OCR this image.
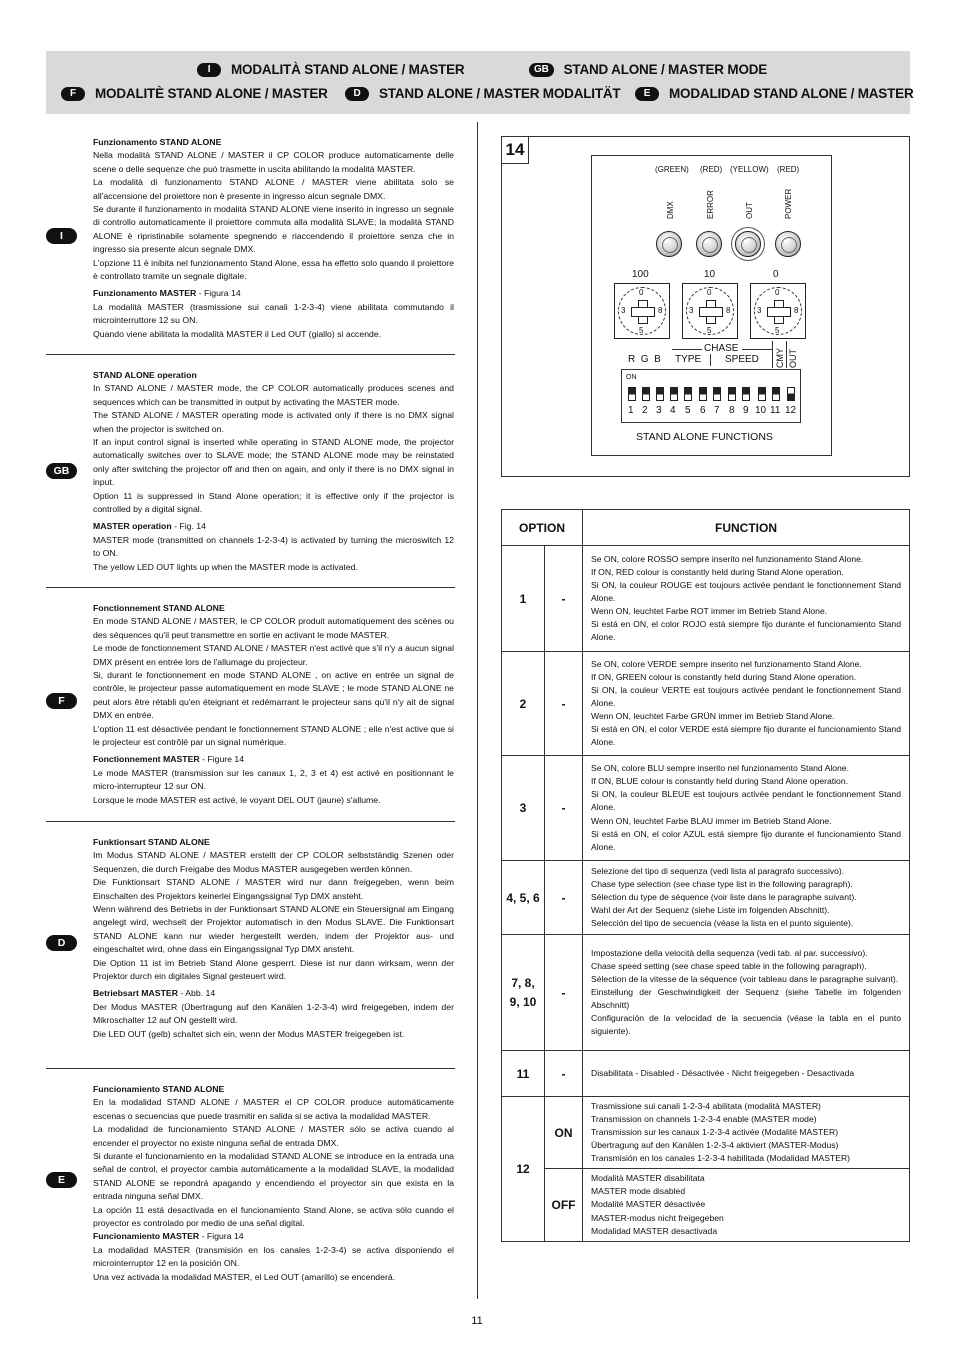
I	MODALITÀ STAND ALONE / MASTER	GB	STAND ALONE / MASTER MODE
F	MODALITÈ STAND ALONE / MASTER	D	STAND ALONE / MASTER MODALITÄT	E	MODALIDAD STAND ALONE / MASTER
I

Funzionamento STAND ALONE

Nella modalità STAND ALONE / MASTER il CP COLOR produce automaticamente delle scene o delle sequenze che può trasmette in uscita abilitando la modalità MASTER.

La modalità di funzionamento STAND ALONE / MASTER viene abilitata solo se all'accensione del proiettore non è presente in ingresso alcun segnale DMX.

Se durante il funzionamento in modalità STAND ALONE viene inserito in ingresso un segnale di controllo automaticamente il proiettore commuta alla modalità SLAVE; la modalità STAND ALONE è ripristinabile solamente spegnendo e riaccendendo il proiettore senza che in ingresso sia presente alcun segnale DMX.

L'opzione 11 è inibita nel funzionamento Stand Alone, essa ha effetto solo quando il proiettore è controllato tramite un segnale digitale.

Funzionamento MASTER - Figura 14

La modalità MASTER (trasmissione sui canali 1-2-3-4) viene abilitata commutando il microinterruttore 12 su ON.

Quando viene abilitata la modalità MASTER il Led OUT (giallo) si accende.

GB

STAND ALONE operation

In STAND ALONE / MASTER mode, the CP COLOR automatically produces scenes and sequences which can be transmitted in output by activating the MASTER mode.

The STAND ALONE / MASTER operating mode is activated only if there is no DMX signal when the projector is switched on.

If an input control signal is inserted while operating in STAND ALONE mode, the projector automatically switches over to SLAVE mode; the STAND ALONE mode may be reinstated only after switching the projector off and then on again, and only if there is no DMX signal in input.

Option 11 is suppressed in Stand Alone operation; it is effective only if the projector is controlled by a digital signal.

MASTER operation - Fig. 14

MASTER mode (transmitted on channels 1-2-3-4) is activated by turning the microswitch 12 to ON.

The yellow LED OUT lights up when the MASTER mode is activated.

F

Fonctionnement STAND ALONE

En mode STAND ALONE / MASTER, le CP COLOR produit automatiquement des scènes ou des séquences qu'il peut transmettre en sortie en activant le mode MASTER.

Le mode de fonctionnement STAND ALONE / MASTER n'est activé que s'il n'y a aucun signal DMX présent en entrée lors de l'allumage du projecteur.

Si, durant le fonctionnement en mode STAND ALONE , on active en entrée un signal de contrôle, le projecteur passe automatiquement en mode SLAVE ; le mode STAND ALONE ne peut alors être rétabli qu'en éteignant et redémarrant le projecteur sans qu'il n'y ait de signal DMX en entrée.

L'option 11 est désactivée pendant le fonctionnement STAND ALONE ; elle n'est active que si le projecteur est contrôlé par un signal numérique.

Fonctionnement MASTER - Figure 14

Le mode MASTER (transmission sur les canaux 1, 2, 3 et 4) est activé en positionnant le micro-interrupteur 12 sur ON.

Lorsque le mode MASTER est activé, le voyant DEL OUT (jaune) s'allume.

D

Funktionsart STAND ALONE

Im Modus STAND ALONE / MASTER erstellt der CP COLOR selbstständig Szenen oder Sequenzen, die durch Freigabe des Modus MASTER ausgegeben werden können.

Die Funktionsart STAND ALONE / MASTER wird nur dann freigegeben, wenn beim Einschalten des Projektors keinerlei Eingangssignal Typ DMX ansteht.

Wenn während des Betriebs in der Funktionsart STAND ALONE ein Steuersignal am Eingang angelegt wird, wechselt der Projektor automatisch in den Modus SLAVE. Die Funktionsart STAND ALONE kann nur wieder hergestellt werden, indem der Projektor aus- und eingeschaltet wird, ohne dass ein Eingangssignal Typ DMX ansteht.

Die Option 11 ist im Betrieb Stand Alone gesperrt. Diese ist nur dann wirksam, wenn der Projektor durch ein digitales Signal gesteuert wird.

Betriebsart MASTER - Abb. 14

Der Modus MASTER (Übertragung auf den Kanälen 1-2-3-4) wird freigegeben, indem der Mikroschalter 12 auf ON gestellt wird.

Die LED OUT (gelb) schaltet sich ein, wenn der Modus MASTER freigegeben ist.

E

Funcionamiento STAND ALONE

En la modalidad STAND ALONE / MASTER el CP COLOR produce automáticamente escenas o secuencias que puede trasmitir en salida si se activa la modalidad MASTER.

La modalidad de funcionamiento STAND ALONE / MASTER sólo se activa cuando al encender el proyector no existe ninguna señal de entrada DMX.

Si durante el funcionamiento en la modalidad STAND ALONE se introduce en la entrada una señal de control, el proyector cambia automáticamente a la modalidad SLAVE, la modalidad STAND ALONE se repondrá apagando y encendiendo el proyector sin que exista en la entrada ninguna señal DMX.

La opción 11 está desactivada en el funcionamiento Stand Alone, se activa sólo cuando el proyector es controlado por medio de una señal digital.

Funcionamiento MASTER - Figura 14

La modalidad MASTER (transmisión en los canales 1-2-3-4) se activa disponiendo el microinterruptor 12 en la posición ON.

Una vez activada la modalidad MASTER, el Led OUT (amarillo) se encenderá.

14
(GREEN) (RED) (YELLOW) (RED)
DMX	ERROR	OUT	POWER
100	10	0
0
3	8
5
0
3	8
5
0
3	8
5
CHASE
R  G  B TYPE SPEED CMY OUT
ON
1 2 3 4 5 6 7 8 9 10 11 12
STAND ALONE FUNCTIONS
OPTION		FUNCTION
1	-	Se ON, colore ROSSO sempre inserito nel funzionamento Stand Alone.

If ON, RED colour is constantly held during Stand Alone operation.

Si ON, la couleur ROUGE est toujours activée pendant le fonctionnement Stand Alone.

Wenn ON, leuchtet Farbe ROT immer im Betrieb Stand Alone.

Si está en ON, el color ROJO está siempre fijo durante el funcionamiento Stand Alone.

2	-	Se ON, colore VERDE sempre inserito nel funzionamento Stand Alone.

If ON, GREEN colour is constantly held during Stand Alone operation.

Si ON, la couleur VERTE est toujours activée pendant le fonctionnement Stand Alone.

Wenn ON, leuchtet Farbe GRÜN immer im Betrieb Stand Alone.

Si está en ON, el color VERDE está siempre fijo durante el funcionamiento Stand Alone.

3	-	Se ON, colore BLU sempre inserito nel funzionamento Stand Alone.

If ON, BLUE colour is constantly held during Stand Alone operation.

Si ON, la couleur BLEUE est toujours activée pendant le fonctionnement Stand Alone.

Wenn ON, leuchtet Farbe BLAU immer im Betrieb Stand Alone.

Si está en ON, el color AZUL está siempre fijo durante el funcionamiento Stand Alone.

4, 5, 6	-	Selezione del tipo di sequenza (vedi lista al paragrafo successivo).

Chase type selection (see chase type list in the following paragraph).

Sélection du type de séquence (voir liste dans le paragraphe suivant).

Wahl der Art der Sequenz (siehe Liste im folgenden Abschnitt).

Selección del tipo de secuencia (véase la lista en el punto siguiente).

7, 8, 9, 10	-	Impostazione della velocità della sequenza (vedi tab. al par. successivo).

Chase speed setting (see chase speed table in the following paragraph).

Sélection de la vitesse de la séquence (voir tableau dans le paragraphe suivant).

Einstellung der Geschwindigkeit der Sequenz (siehe Tabelle im folgenden Abschnitt)

Configuración de la velocidad de la secuencia (véase la tabla en el punto siguiente).

11	-	Disabilitata - Disabled - Désactivée - Nicht freigegeben - Desactivada

12	ON	Trasmissione sui canali 1-2-3-4 abilitata (modalità MASTER)

Transmission on channels 1-2-3-4 enable (MASTER mode)

Transmission sur les canaux 1-2-3-4 activée (Modalité MASTER)

Übertragung auf den Kanälen 1-2-3-4 aktiviert (MASTER-Modus)

Transmisión en los canales 1-2-3-4 habilitada (Modalidad MASTER)

	OFF	Modalità MASTER disabilitata

MASTER mode disabled

Modalité MASTER désactivée

MASTER-modus nicht freigegeben

Modalidad MASTER desactivada

11
